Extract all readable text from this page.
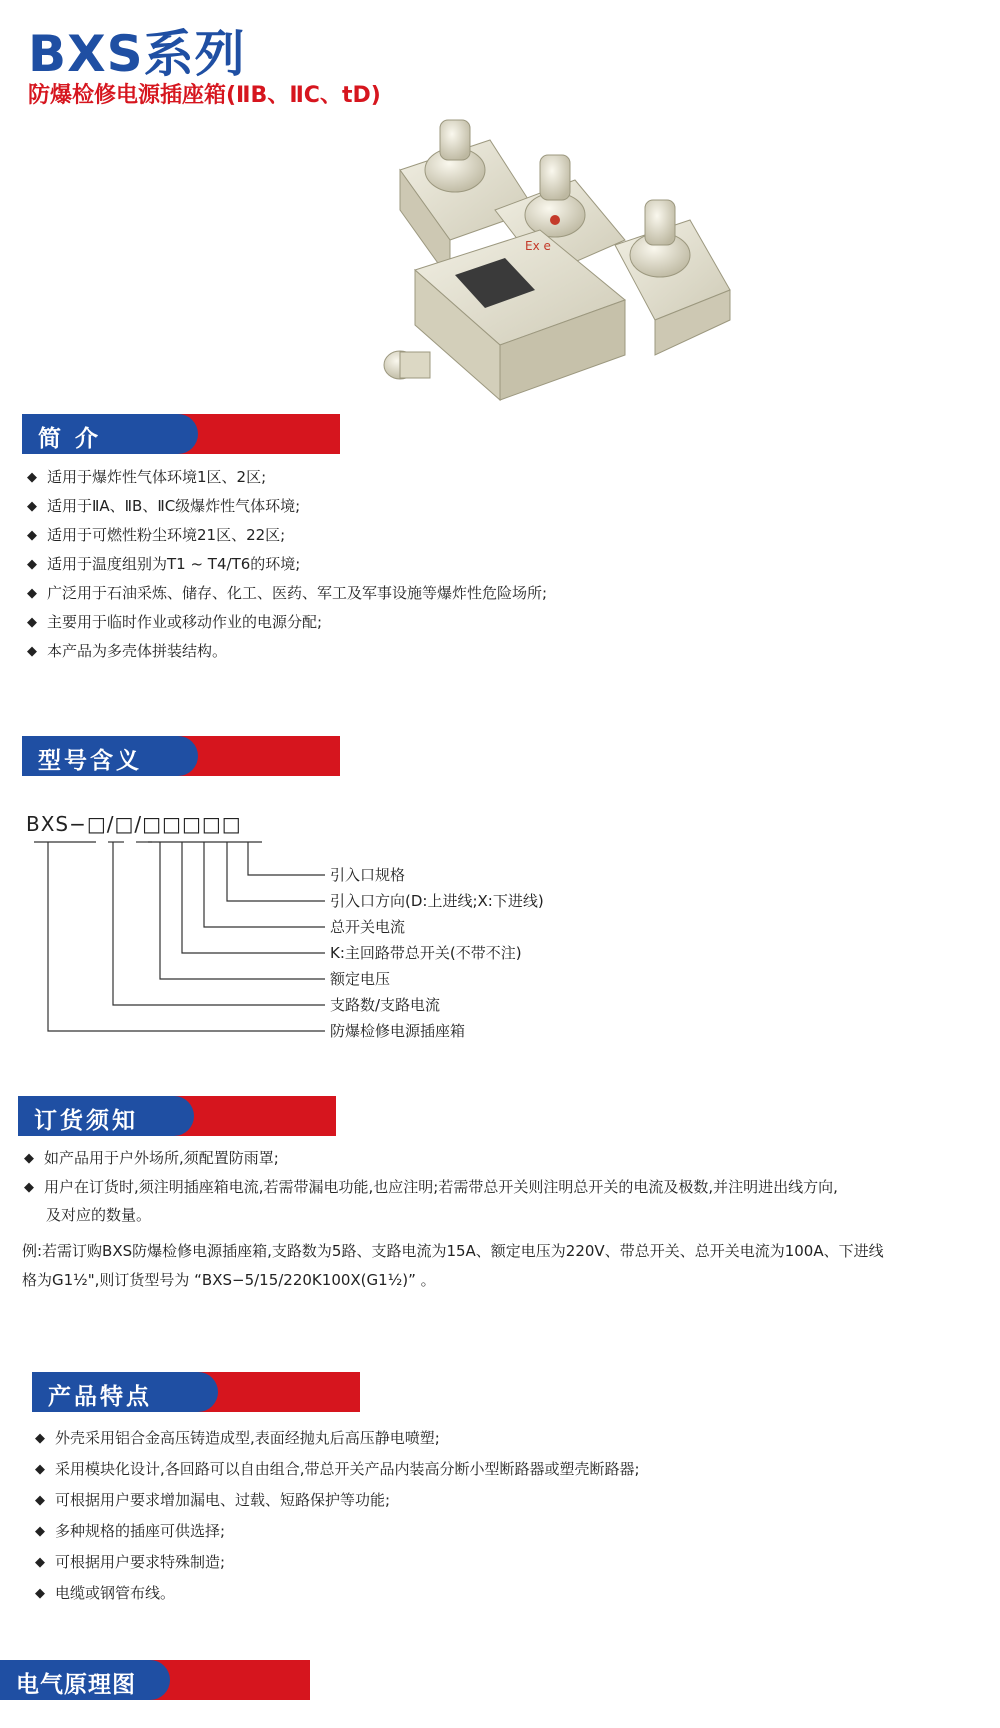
BXS系列
防爆检修电源插座箱(ⅡB、ⅡC、tD)
Ex e
简 介
◆ 适用于爆炸性气体环境1区、2区;
◆ 适用于ⅡA、ⅡB、ⅡC级爆炸性气体环境;
◆ 适用于可燃性粉尘环境21区、22区;
◆ 适用于温度组别为T1 ~ T4/T6的环境;
◆ 广泛用于石油采炼、储存、化工、医药、军工及军事设施等爆炸性危险场所;
◆ 主要用于临时作业或移动作业的电源分配;
◆ 本产品为多壳体拼装结构。
型号含义
BXS−□/□/□□□□□
引入口规格
引入口方向(D:上进线;X:下进线)
总开关电流
K:主回路带总开关(不带不注)
额定电压
支路数/支路电流
防爆检修电源插座箱
订货须知
◆ 如产品用于户外场所,须配置防雨罩;
◆ 用户在订货时,须注明插座箱电流,若需带漏电功能,也应注明;若需带总开关则注明总开关的电流及极数,并注明进出线方向,
及对应的数量。
例:若需订购BXS防爆检修电源插座箱,支路数为5路、支路电流为15A、额定电压为220V、带总开关、总开关电流为100A、下进线
格为G1½",则订货型号为 “BXS−5/15/220K100X(G1½)” 。
产品特点
◆ 外壳采用铝合金高压铸造成型,表面经抛丸后高压静电喷塑;
◆ 采用模块化设计,各回路可以自由组合,带总开关产品内装高分断小型断路器或塑壳断路器;
◆ 可根据用户要求增加漏电、过载、短路保护等功能;
◆ 多种规格的插座可供选择;
◆ 可根据用户要求特殊制造;
◆ 电缆或钢管布线。
电气原理图
